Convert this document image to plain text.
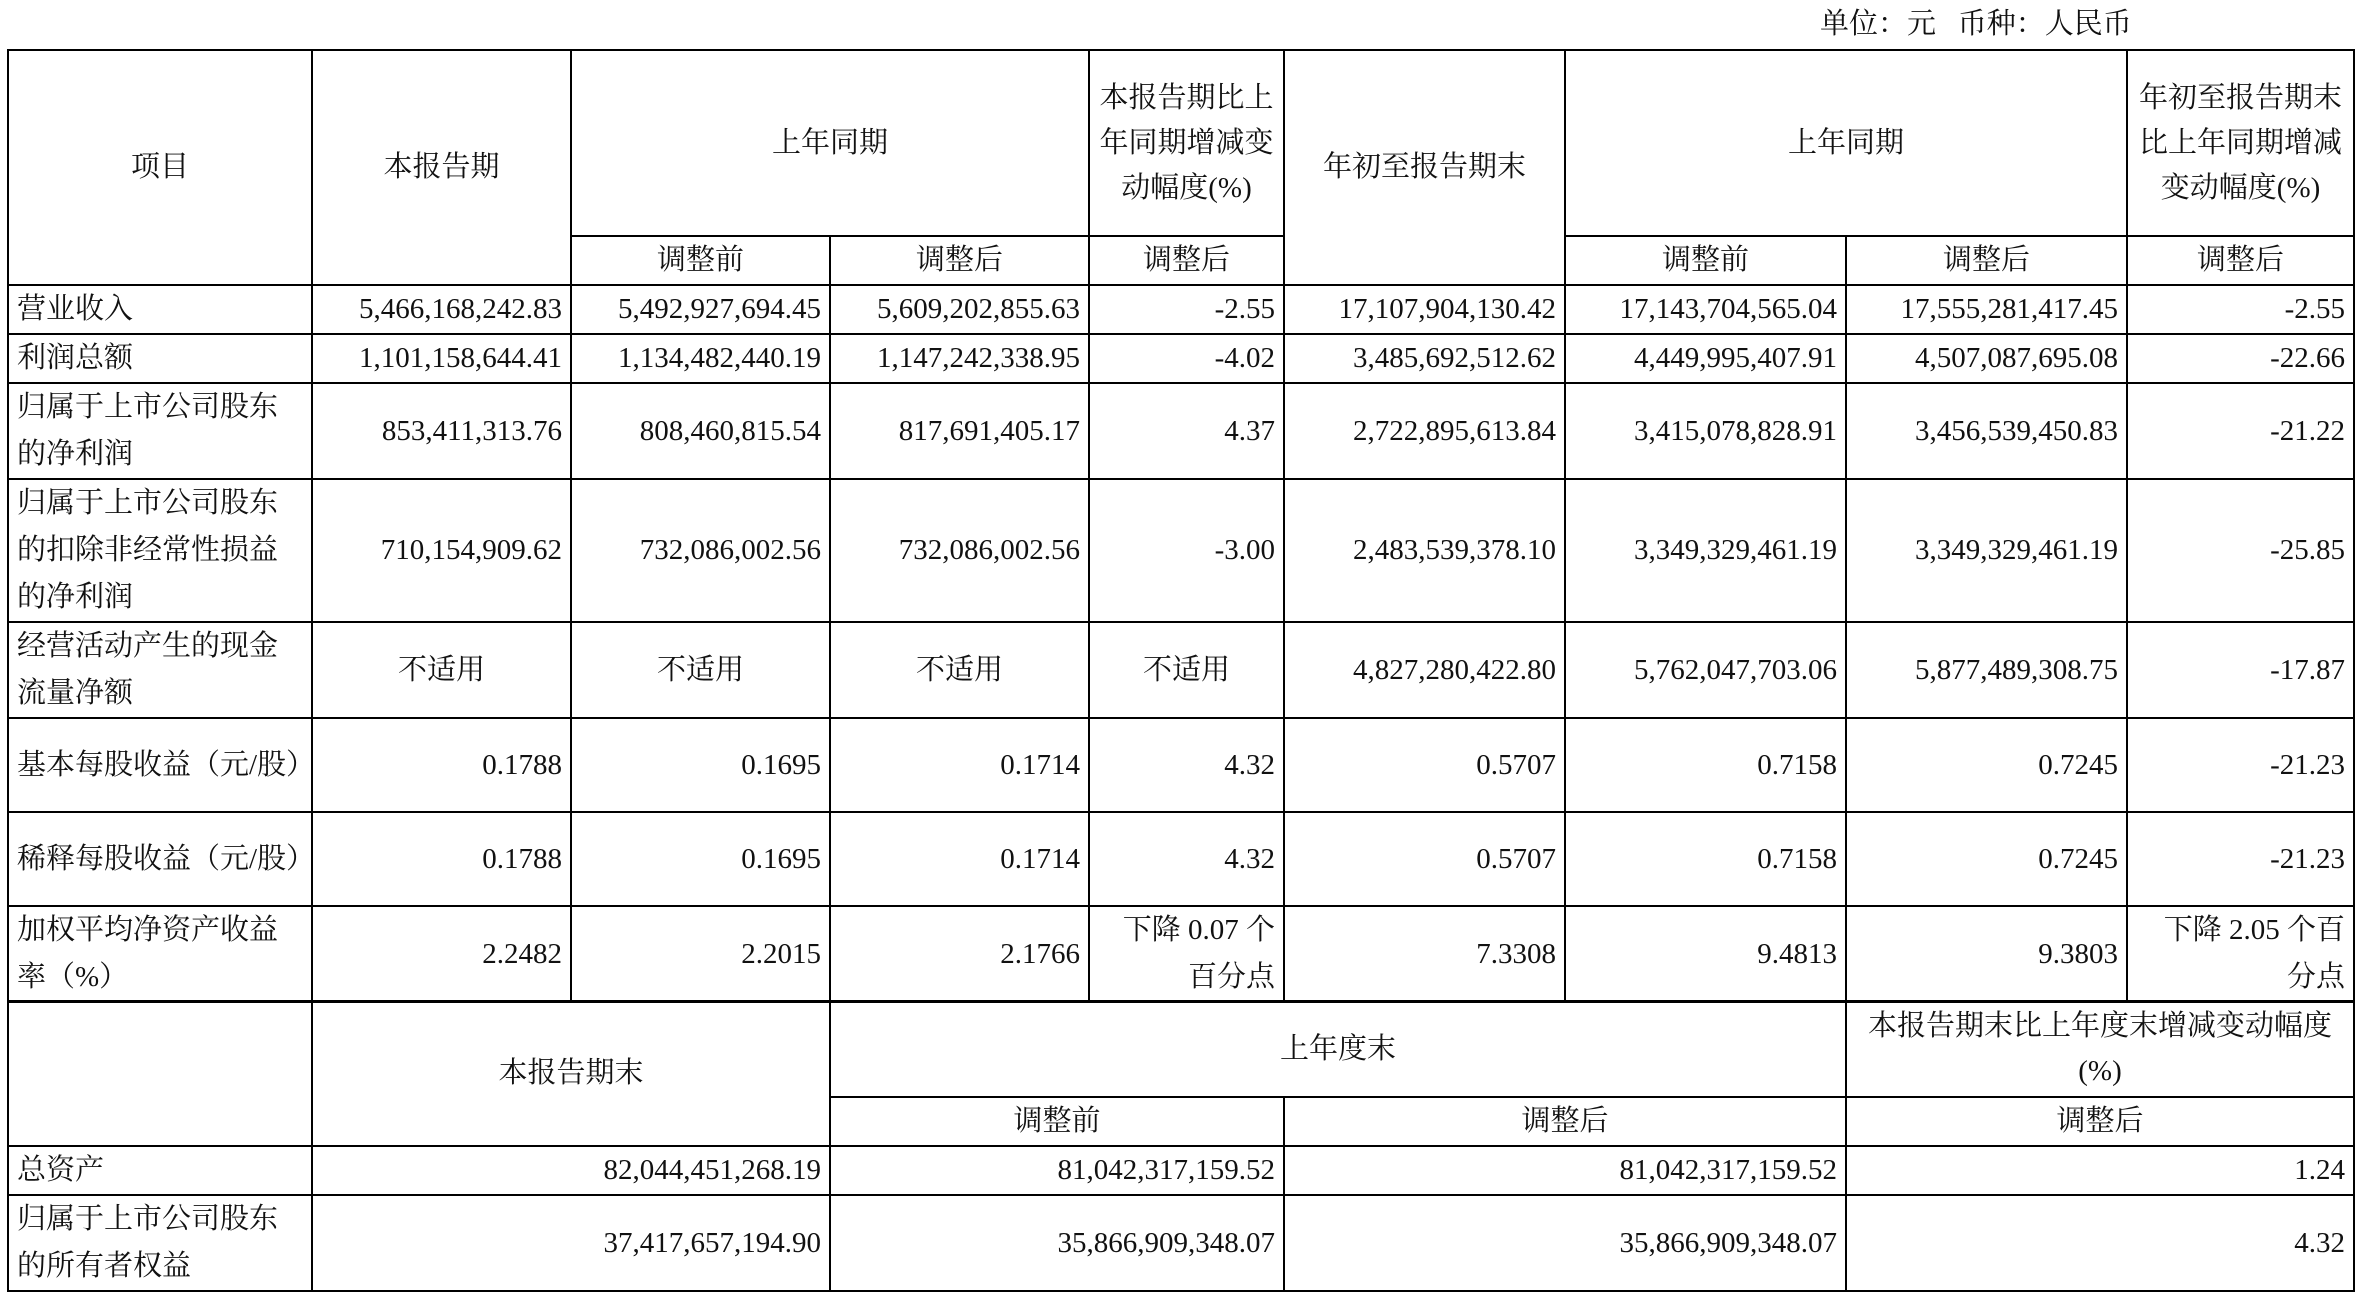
单位：元   币种：人民币
项目	本报告期	上年同期		本报告期比上年同期增减变动幅度(%)	年初至报告期末	上年同期		年初至报告期末比上年同期增减变动幅度(%)
		调整前	调整后	调整后		调整前	调整后	调整后
营业收入	5,466,168,242.83	5,492,927,694.45	5,609,202,855.63	-2.55	17,107,904,130.42	17,143,704,565.04	17,555,281,417.45	-2.55
利润总额	1,101,158,644.41	1,134,482,440.19	1,147,242,338.95	-4.02	3,485,692,512.62	4,449,995,407.91	4,507,087,695.08	-22.66
归属于上市公司股东的净利润	853,411,313.76	808,460,815.54	817,691,405.17	4.37	2,722,895,613.84	3,415,078,828.91	3,456,539,450.83	-21.22
归属于上市公司股东的扣除非经常性损益的净利润	710,154,909.62	732,086,002.56	732,086,002.56	-3.00	2,483,539,378.10	3,349,329,461.19	3,349,329,461.19	-25.85
经营活动产生的现金流量净额	不适用	不适用	不适用	不适用	4,827,280,422.80	5,762,047,703.06	5,877,489,308.75	-17.87
基本每股收益（元/股）	0.1788	0.1695	0.1714	4.32	0.5707	0.7158	0.7245	-21.23
稀释每股收益（元/股）	0.1788	0.1695	0.1714	4.32	0.5707	0.7158	0.7245	-21.23
加权平均净资产收益率（%）	2.2482	2.2015	2.1766	下降 0.07 个百分点	7.3308	9.4813	9.3803	下降 2.05 个百分点
	本报告期末	上年度末		本报告期末比上年度末增减变动幅度(%)
		调整前	调整后	调整后
总资产	82,044,451,268.19	81,042,317,159.52	81,042,317,159.52	1.24
归属于上市公司股东的所有者权益	37,417,657,194.90	35,866,909,348.07	35,866,909,348.07	4.32
